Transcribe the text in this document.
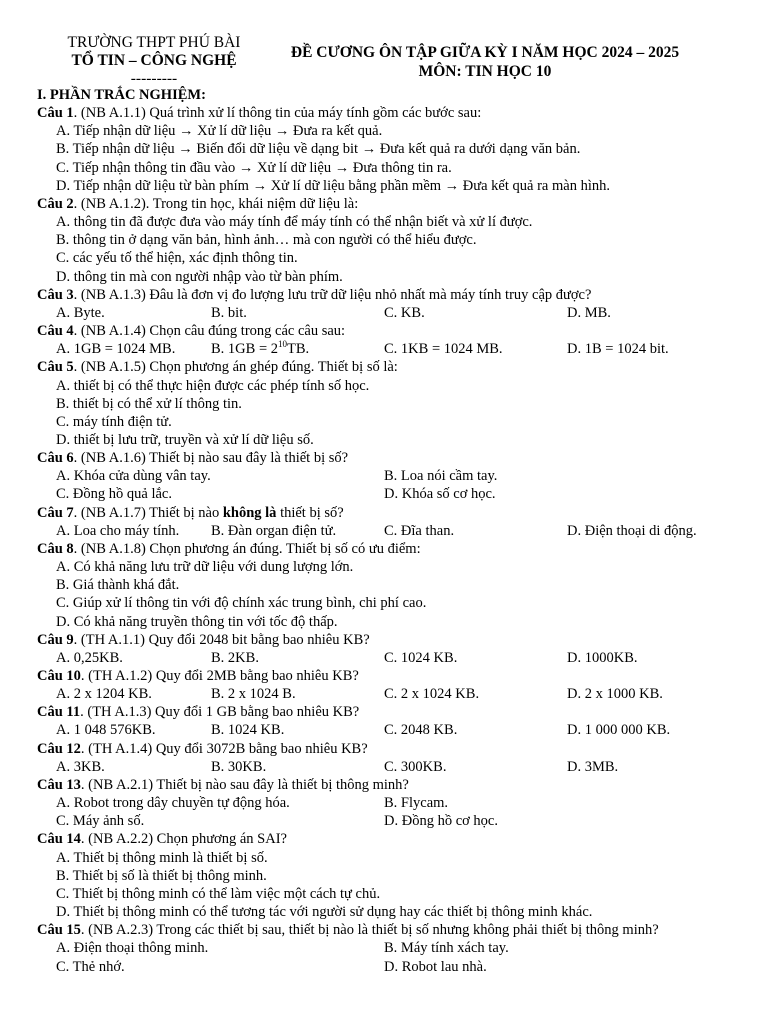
TRƯỜNG THPT PHÚ BÀI
TỔ TIN – CÔNG NGHỆ
---------
ĐỀ CƯƠNG ÔN TẬP GIỮA KỲ I NĂM HỌC 2024 – 2025
MÔN: TIN HỌC 10
I. PHẦN TRẮC NGHIỆM:
Câu 1. (NB A.1.1) Quá trình xử lí thông tin của máy tính gồm các bước sau:
A. Tiếp nhận dữ liệu → Xử lí dữ liệu → Đưa ra kết quả.
B. Tiếp nhận dữ liệu → Biến đổi dữ liệu về dạng bit → Đưa kết quả ra dưới dạng văn bản.
C. Tiếp nhận thông tin đầu vào → Xử lí dữ liệu → Đưa thông tin ra.
D. Tiếp nhận dữ liệu từ bàn phím → Xử lí dữ liệu bằng phần mềm → Đưa kết quả ra màn hình.
Câu 2. (NB A.1.2). Trong tin học, khái niệm dữ liệu là:
A. thông tin đã được đưa vào máy tính để máy tính có thể nhận biết và xử lí được.
B. thông tin ở dạng văn bản, hình ảnh… mà con người có thể hiểu được.
C. các yếu tố thể hiện, xác định thông tin.
D. thông tin mà con người nhập vào từ bàn phím.
Câu 3. (NB A.1.3) Đâu là đơn vị đo lượng lưu trữ dữ liệu nhỏ nhất mà máy tính truy cập được?
A. Byte.	B. bit.	C. KB.	D. MB.
Câu 4. (NB A.1.4) Chọn câu đúng trong các câu sau:
A. 1GB = 1024 MB.	B. $1GB = 2^{10}TB$.	C. 1KB = 1024 MB.	D. 1B = 1024 bit.
Câu 5. (NB A.1.5) Chọn phương án ghép đúng. Thiết bị số là:
A. thiết bị có thể thực hiện được các phép tính số học.
B. thiết bị có thể xử lí thông tin.
C. máy tính điện tử.
D. thiết bị lưu trữ, truyền và xử lí dữ liệu số.
Câu 6. (NB A.1.6) Thiết bị nào sau đây là thiết bị số?
A. Khóa cửa dùng vân tay.	B. Loa nói cầm tay.
C. Đồng hồ quả lắc.	D. Khóa số cơ học.
Câu 7. (NB A.1.7) Thiết bị nào không là thiết bị số?
A. Loa cho máy tính.	B. Đàn organ điện tử.	C. Đĩa than.	D. Điện thoại di động.
Câu 8. (NB A.1.8) Chọn phương án đúng. Thiết bị số có ưu điểm:
A. Có khả năng lưu trữ dữ liệu với dung lượng lớn.
B. Giá thành khá đắt.
C. Giúp xử lí thông tin với độ chính xác trung bình, chi phí cao.
D. Có khả năng truyền thông tin với tốc độ thấp.
Câu 9. (TH A.1.1) Quy đổi 2048 bit bằng bao nhiêu KB?
A. 0,25KB.	B. 2KB.	C. 1024 KB.	D. 1000KB.
Câu 10. (TH A.1.2) Quy đổi 2MB bằng bao nhiêu KB?
A. 2 x 1204 KB.	B. 2 x 1024 B.	C. 2 x 1024 KB.	D. 2 x 1000 KB.
Câu 11. (TH A.1.3) Quy đổi 1 GB bằng bao nhiêu KB?
A. 1 048 576KB.	B. 1024 KB.	C. 2048 KB.	D. 1 000 000 KB.
Câu 12. (TH A.1.4) Quy đổi 3072B bằng bao nhiêu KB?
A. 3KB.	B. 30KB.	C. 300KB.	D. 3MB.
Câu 13. (NB A.2.1) Thiết bị nào sau đây là thiết bị thông minh?
A. Robot trong dây chuyền tự động hóa.	B. Flycam.
C. Máy ảnh số.	D. Đồng hồ cơ học.
Câu 14. (NB A.2.2) Chọn phương án SAI?
A. Thiết bị thông minh là thiết bị số.
B. Thiết bị số là thiết bị thông minh.
C. Thiết bị thông minh có thể làm việc một cách tự chủ.
D. Thiết bị thông minh có thể tương tác với người sử dụng hay các thiết bị thông minh khác.
Câu 15. (NB A.2.3) Trong các thiết bị sau, thiết bị nào là thiết bị số nhưng không phải thiết bị thông minh?
A. Điện thoại thông minh.	B. Máy tính xách tay.
C. Thẻ nhớ.	D. Robot lau nhà.
